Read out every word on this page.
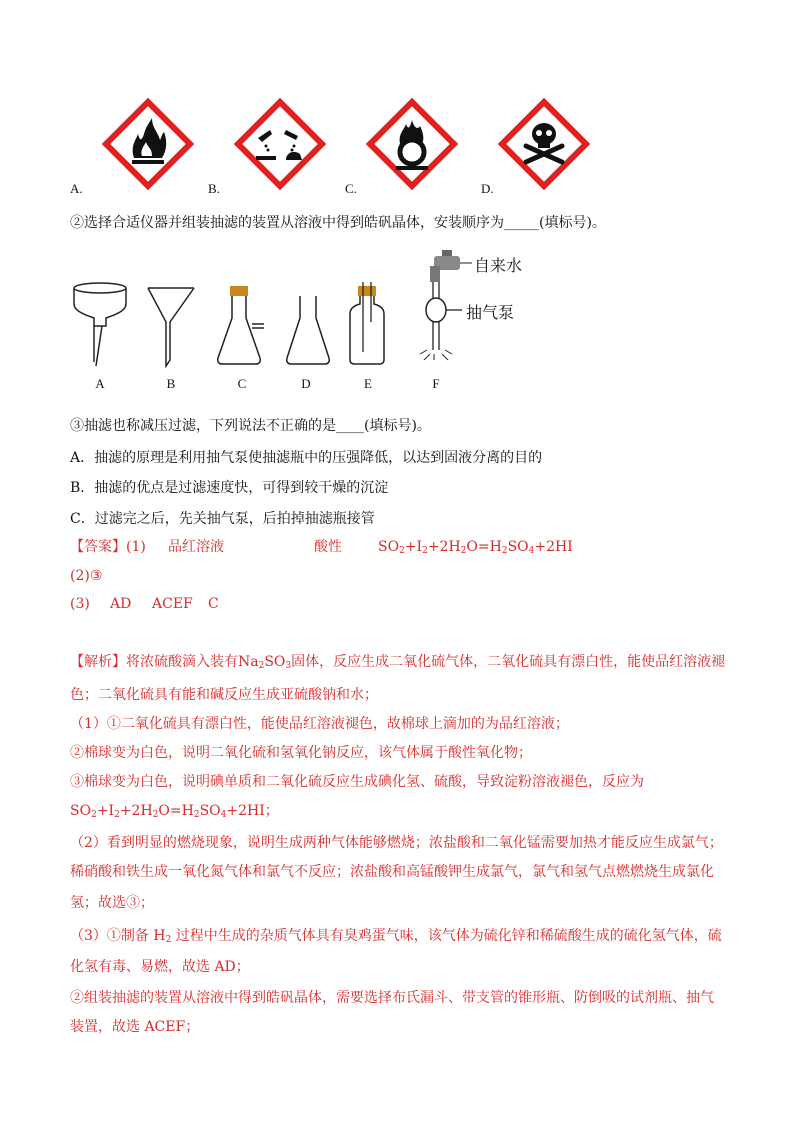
A.	B.	C.	D.
②选择合适仪器并组装抽滤的装置从溶液中得到皓矾晶体，安装顺序为_____(填标号)。
自来水
抽气泵
A	B	C	D	E	F
③抽滤也称减压过滤，下列说法不正确的是____(填标号)。
A．抽滤的原理是利用抽气泵使抽滤瓶中的压强降低，以达到固液分离的目的
B．抽滤的优点是过滤速度快，可得到较干燥的沉淀
C．过滤完之后，先关抽气泵，后拍掉抽滤瓶接管
【答案】(1) 品红溶液	酸性	$SO_2+I_2+2H_2O=H_2SO_4+2HI$
(2)③
(3) AD ACEF C
【解析】将浓硫酸滴入装有$Na_2SO_3$固体，反应生成二氧化硫气体，二氧化硫具有漂白性，能使品红溶液褪
色；二氧化硫具有能和碱反应生成亚硫酸钠和水；
（1）①二氧化硫具有漂白性，能使品红溶液褪色，故棉球上滴加的为品红溶液；
②棉球变为白色，说明二氧化硫和氢氧化钠反应，该气体属于酸性氧化物；
③棉球变为白色，说明碘单质和二氧化硫反应生成碘化氢、硫酸，导致淀粉溶液褪色，反应为
$SO_2+I_2+2H_2O=H_2SO_4+2HI$；
（2）看到明显的燃烧现象，说明生成两种气体能够燃烧；浓盐酸和二氧化锰需要加热才能反应生成氯气；
稀硝酸和铁生成一氧化氮气体和氯气不反应；浓盐酸和高锰酸钾生成氯气，氯气和氢气点燃燃烧生成氯化
氢；故选③；
（3）①制备 $H_2$ 过程中生成的杂质气体具有臭鸡蛋气味，该气体为硫化锌和稀硫酸生成的硫化氢气体，硫
化氢有毒、易燃，故选 AD；
②组装抽滤的装置从溶液中得到皓矾晶体，需要选择布氏漏斗、带支管的锥形瓶、防倒吸的试剂瓶、抽气
装置，故选 ACEF；
